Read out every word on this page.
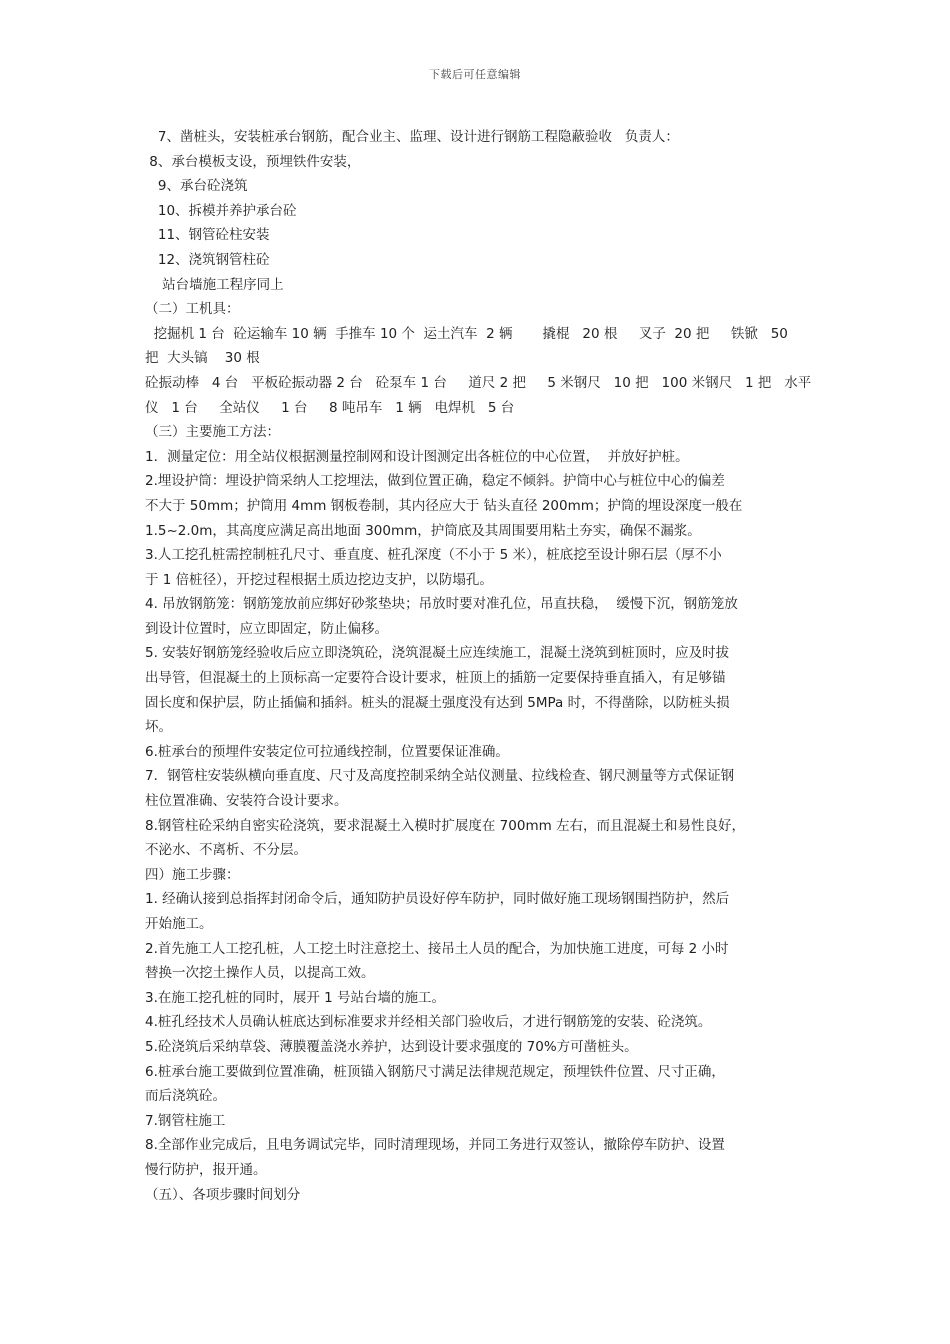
下载后可任意编辑
7、凿桩头，安装桩承台钢筋，配合业主、监理、设计进行钢筋工程隐蔽验收   负责人：
8、承台模板支设，预埋铁件安装，
9、承台砼浇筑
10、拆模并养护承台砼
11、钢管砼柱安装
12、浇筑钢管柱砼
站台墙施工程序同上
（二）工机具：
挖掘机 1 台  砼运输车 10 辆  手推车 10 个  运土汽车  2 辆       撬棍   20 根     叉子  20 把     铁锨   50
把  大头镐    30 根
砼振动棒   4 台   平板砼振动器 2 台   砼泵车 1 台     道尺 2 把     5 米钢尺   10 把   100 米钢尺   1 把   水平
仪   1 台     全站仪     1 台     8 吨吊车   1 辆   电焊机   5 台
（三）主要施工方法：
1．测量定位：用全站仪根据测量控制网和设计图测定出各桩位的中心位置，  并放好护桩。
2.埋设护筒：埋设护筒采纳人工挖埋法，做到位置正确，稳定不倾斜。护筒中心与桩位中心的偏差
不大于 50mm；护筒用 4mm 钢板卷制，其内径应大于 钻头直径 200mm；护筒的埋设深度一般在
1.5~2.0m，其高度应满足高出地面 300mm，护筒底及其周围要用粘土夯实，确保不漏浆。
3.人工挖孔桩需控制桩孔尺寸、垂直度、桩孔深度（不小于 5 米），桩底挖至设计卵石层（厚不小
于 1 倍桩径），开挖过程根据土质边挖边支护，以防塌孔。
4. 吊放钢筋笼：钢筋笼放前应绑好砂浆垫块；吊放时要对准孔位，吊直扶稳，  缓慢下沉，钢筋笼放
到设计位置时，应立即固定，防止偏移。
5. 安装好钢筋笼经验收后应立即浇筑砼，浇筑混凝土应连续施工，混凝土浇筑到桩顶时，应及时拔
出导管，但混凝土的上顶标高一定要符合设计要求，桩顶上的插筋一定要保持垂直插入，有足够锚
固长度和保护层，防止插偏和插斜。桩头的混凝土强度没有达到 5MPa 时，不得凿除，以防桩头损
坏。
6.桩承台的预埋件安装定位可拉通线控制，位置要保证准确。
7．钢管柱安装纵横向垂直度、尺寸及高度控制采纳全站仪测量、拉线检查、钢尺测量等方式保证钢
柱位置准确、安装符合设计要求。
8.钢管柱砼采纳自密实砼浇筑，要求混凝土入模时扩展度在 700mm 左右，而且混凝土和易性良好，
不泌水、不离析、不分层。
四）施工步骤：
1. 经确认接到总指挥封闭命令后，通知防护员设好停车防护，同时做好施工现场钢围挡防护，然后
开始施工。
2.首先施工人工挖孔桩，人工挖土时注意挖土、接吊土人员的配合，为加快施工进度，可每 2 小时
替换一次挖土操作人员，以提高工效。
3.在施工挖孔桩的同时，展开 1 号站台墙的施工。
4.桩孔经技术人员确认桩底达到标准要求并经相关部门验收后，才进行钢筋笼的安装、砼浇筑。
5.砼浇筑后采纳草袋、薄膜覆盖浇水养护，达到设计要求强度的 70%方可凿桩头。
6.桩承台施工要做到位置准确，桩顶锚入钢筋尺寸满足法律规范规定，预埋铁件位置、尺寸正确，
而后浇筑砼。
7.钢管柱施工
8.全部作业完成后，且电务调试完毕，同时清理现场，并同工务进行双签认，撤除停车防护、设置
慢行防护，报开通。
（五）、各项步骤时间划分
